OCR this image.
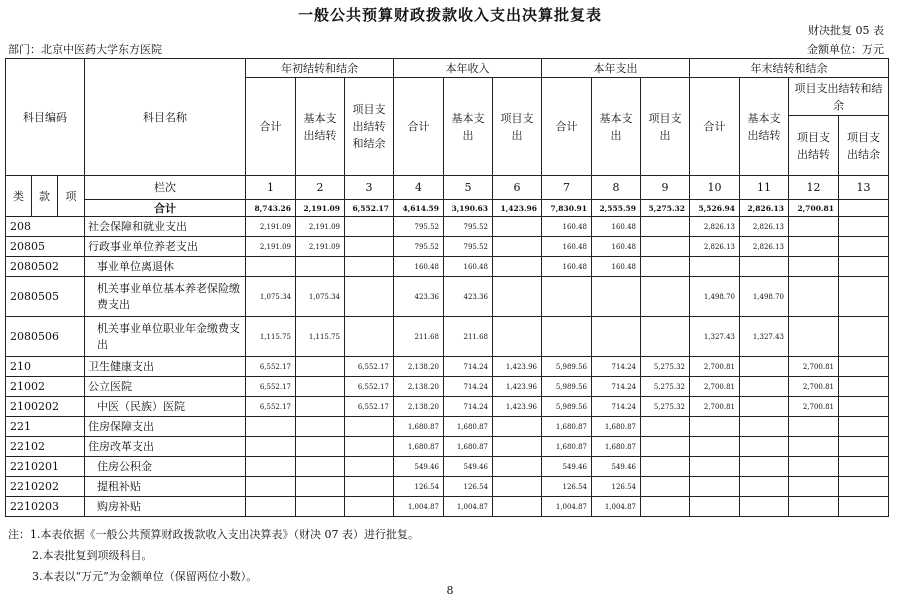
一般公共预算财政拨款收入支出决算批复表
财决批复 05 表
部门：北京中医药大学东方医院	金额单位：万元
科目编码			科目名称	年初结转和结余			本年收入			本年支出			年末结转和结余			
				合计	基本支出结转	项目支出结转和结余	合计	基本支出	项目支出	合计	基本支出	项目支出	合计	基本支出结转	项目支出结转和结余	
															项目支出结转	项目支出结余
类	款	项	栏次	1	2	3	4	5	6	7	8	9	10	11	12	13
			合计	8,743.26	2,191.09	6,552.17	4,614.59	3,190.63	1,423.96	7,830.91	2,555.59	5,275.32	5,526.94	2,826.13	2,700.81	
208			社会保障和就业支出	2,191.09	2,191.09		795.52	795.52		160.48	160.48		2,826.13	2,826.13		
20805			行政事业单位养老支出	2,191.09	2,191.09		795.52	795.52		160.48	160.48		2,826.13	2,826.13		
2080502			事业单位离退休				160.48	160.48		160.48	160.48					
2080505			机关事业单位基本养老保险缴费支出	1,075.34	1,075.34		423.36	423.36					1,498.70	1,498.70		
2080506			机关事业单位职业年金缴费支出	1,115.75	1,115.75		211.68	211.68					1,327.43	1,327.43		
210			卫生健康支出	6,552.17		6,552.17	2,138.20	714.24	1,423.96	5,989.56	714.24	5,275.32	2,700.81		2,700.81	
21002			公立医院	6,552.17		6,552.17	2,138.20	714.24	1,423.96	5,989.56	714.24	5,275.32	2,700.81		2,700.81	
2100202			中医（民族）医院	6,552.17		6,552.17	2,138.20	714.24	1,423.96	5,989.56	714.24	5,275.32	2,700.81		2,700.81	
221			住房保障支出				1,680.87	1,680.87		1,680.87	1,680.87					
22102			住房改革支出				1,680.87	1,680.87		1,680.87	1,680.87					
2210201			住房公积金				549.46	549.46		549.46	549.46					
2210202			提租补贴				126.54	126.54		126.54	126.54					
2210203			购房补贴				1,004.87	1,004.87		1,004.87	1,004.87					
注：1.本表依据《一般公共预算财政拨款收入支出决算表》（财决 07 表）进行批复。
2.本表批复到项级科目。
3.本表以“万元”为金额单位（保留两位小数）。
8
